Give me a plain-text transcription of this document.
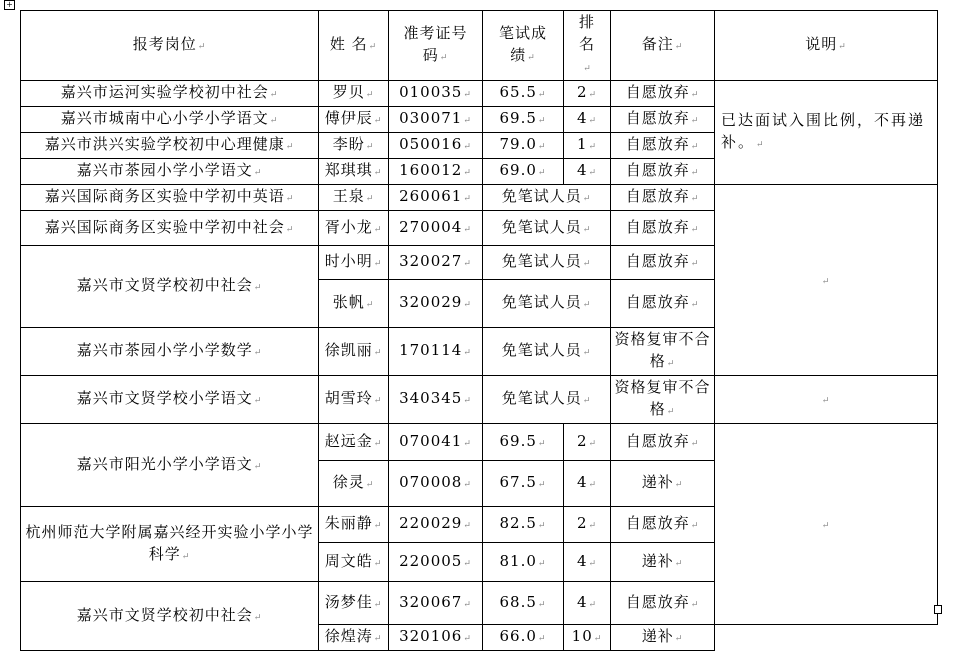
+
报考岗位 ↵	姓 名 ↵	准考证号码 ↵	笔试成绩 ↵	排名 ↵	备注 ↵	说明 ↵
嘉兴市运河实验学校初中社会 ↵	罗贝 ↵	010035 ↵	65.5 ↵	2 ↵	自愿放弃 ↵	已达面试入围比例，不再递补。 ↵
嘉兴市城南中心小学小学语文 ↵	傅伊辰 ↵	030071 ↵	69.5 ↵	4 ↵	自愿放弃 ↵
嘉兴市洪兴实验学校初中心理健康 ↵	李盼 ↵	050016 ↵	79.0 ↵	1 ↵	自愿放弃 ↵
嘉兴市茶园小学小学语文 ↵	郑琪琪 ↵	160012 ↵	69.0 ↵	4 ↵	自愿放弃 ↵
嘉兴国际商务区实验中学初中英语 ↵	王泉 ↵	260061 ↵	免笔试人员 ↵		自愿放弃 ↵	↵
嘉兴国际商务区实验中学初中社会 ↵	胥小龙 ↵	270004 ↵	免笔试人员 ↵		自愿放弃 ↵
嘉兴市文贤学校初中社会 ↵	时小明 ↵	320027 ↵	免笔试人员 ↵		自愿放弃 ↵
	张帆 ↵	320029 ↵	免笔试人员 ↵		自愿放弃 ↵
嘉兴市茶园小学小学数学 ↵	徐凯丽 ↵	170114 ↵	免笔试人员 ↵		资格复审不合格 ↵
嘉兴市文贤学校小学语文 ↵	胡雪玲 ↵	340345 ↵	免笔试人员 ↵		资格复审不合格 ↵	↵
嘉兴市阳光小学小学语文 ↵	赵远金 ↵	070041 ↵	69.5 ↵	2 ↵	自愿放弃 ↵	↵
	徐灵 ↵	070008 ↵	67.5 ↵	4 ↵	递补 ↵
杭州师范大学附属嘉兴经开实验小学小学科学 ↵	朱丽静 ↵	220029 ↵	82.5 ↵	2 ↵	自愿放弃 ↵
	周文皓 ↵	220005 ↵	81.0 ↵	4 ↵	递补 ↵
嘉兴市文贤学校初中社会 ↵	汤梦佳 ↵	320067 ↵	68.5 ↵	4 ↵	自愿放弃 ↵
	徐煌涛 ↵	320106 ↵	66.0 ↵	10 ↵	递补 ↵
